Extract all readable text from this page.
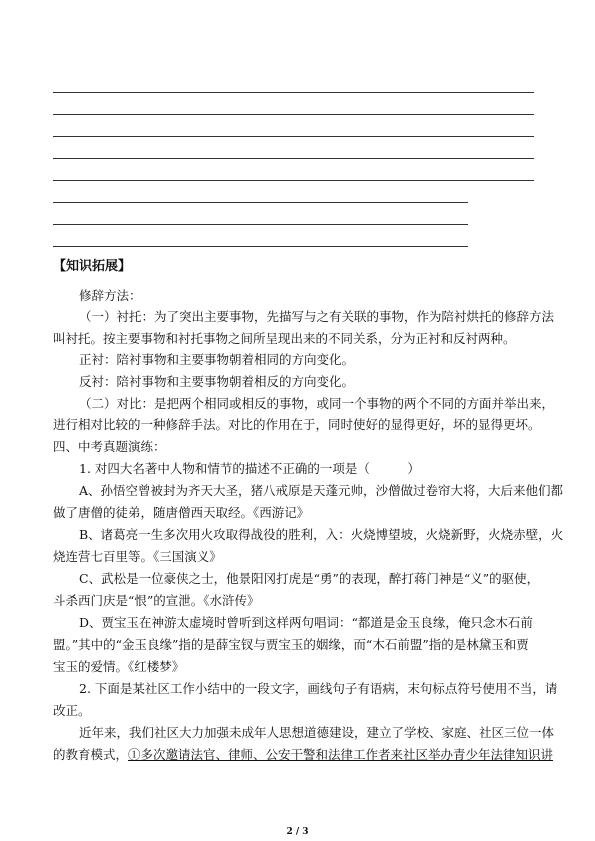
【知识拓展】
修辞方法：
（一）衬托：为了突出主要事物，先描写与之有关联的事物，作为陪衬烘托的修辞方法
叫衬托。按主要事物和衬托事物之间所呈现出来的不同关系，分为正衬和反衬两种。
正衬：陪衬事物和主要事物朝着相同的方向变化。
反衬：陪衬事物和主要事物朝着相反的方向变化。
（二）对比：是把两个相同或相反的事物，或同一个事物的两个不同的方面并举出来，
进行相对比较的一种修辞手法。对比的作用在于，同时使好的显得更好，坏的显得更坏。
四、中考真题演练：
1. 对四大名著中人物和情节的描述不正确的一项是（　　　）
A、孙悟空曾被封为齐天大圣，猪八戒原是天蓬元帅，沙僧做过卷帘大将，大后来他们都
做了唐僧的徒弟，随唐僧西天取经。《西游记》
B、诸葛亮一生多次用火攻取得战役的胜利，入：火烧博望坡，火烧新野，火烧赤壁，火
烧连营七百里等。《三国演义》
C、武松是一位豪侠之士，他景阳冈打虎是“勇”的表现，醉打蒋门神是“义”的驱使，
斗杀西门庆是“恨”的宣泄。《水浒传》
D、贾宝玉在神游太虚境时曾听到这样两句唱词：“都道是金玉良缘，俺只念木石前
盟。”其中的“金玉良缘”指的是薛宝钗与贾宝玉的姻缘，而“木石前盟”指的是林黛玉和贾
宝玉的爱情。《红楼梦》
2. 下面是某社区工作小结中的一段文字，画线句子有语病，末句标点符号使用不当，请
改正。
近年来，我们社区大力加强未成年人思想道德建设，建立了学校、家庭、社区三位一体
的教育模式，①多次邀请法官、律师、公安干警和法律工作者来社区举办青少年法律知识讲
2 / 3
